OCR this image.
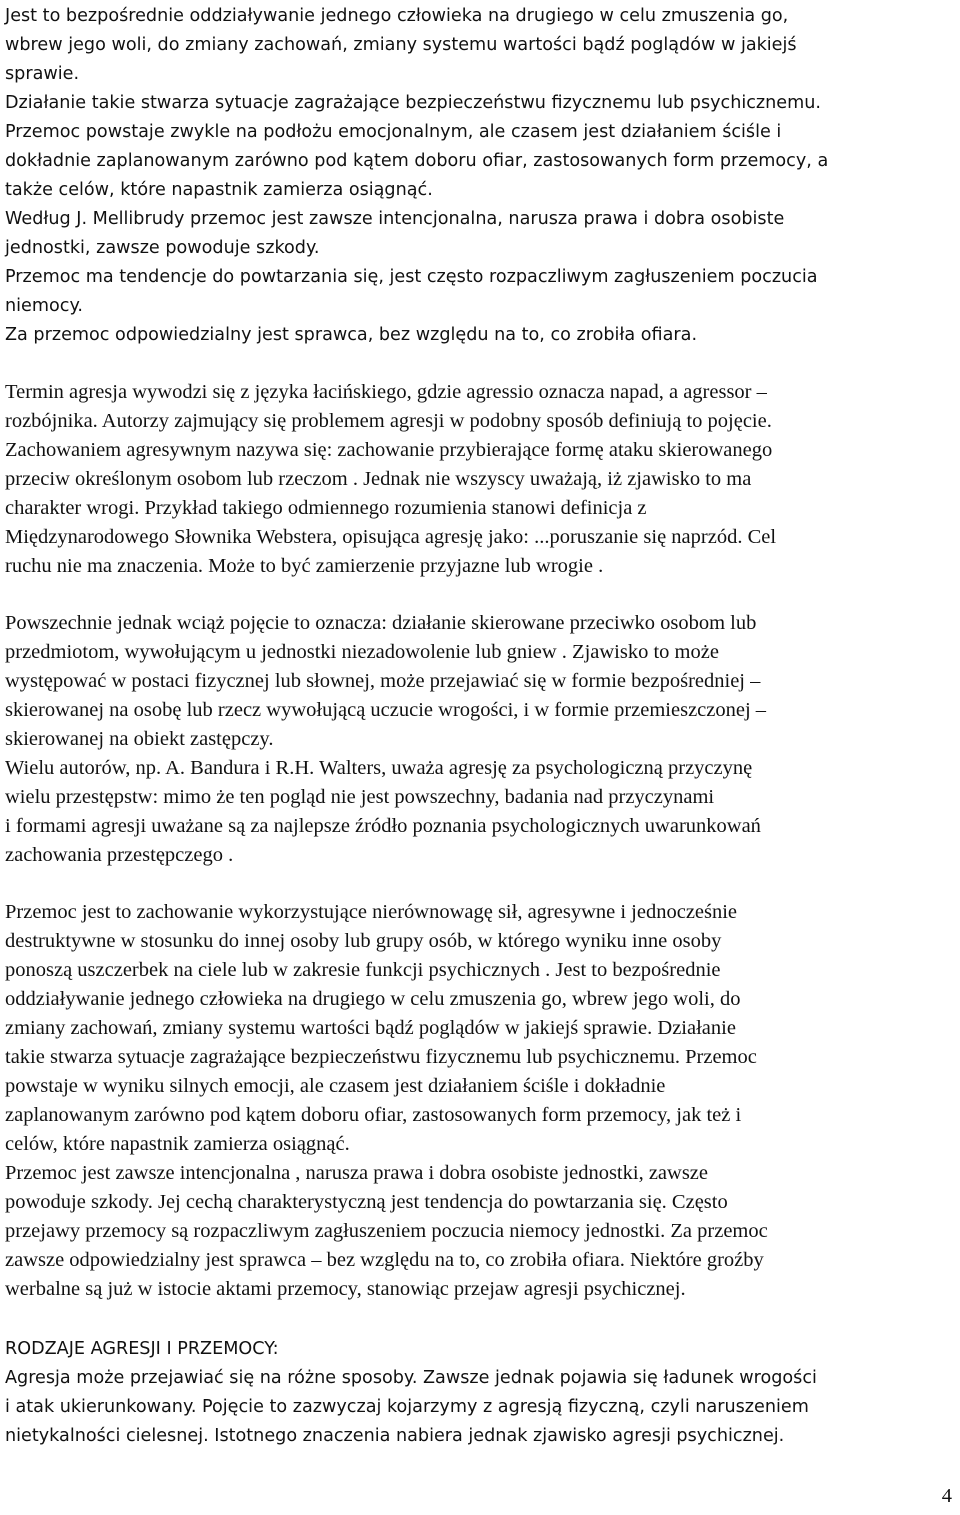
Jest to bezpośrednie oddziaływanie jednego człowieka na drugiego w celu zmuszenia go,
wbrew jego woli, do zmiany zachowań, zmiany systemu wartości bądź poglądów w jakiejś
sprawie.
Działanie takie stwarza sytuacje zagrażające bezpieczeństwu fizycznemu lub psychicznemu.
Przemoc powstaje zwykle na podłożu emocjonalnym, ale czasem jest działaniem ściśle i
dokładnie zaplanowanym zarówno pod kątem doboru ofiar, zastosowanych form przemocy, a
także celów, które napastnik zamierza osiągnąć.
Według J. Mellibrudy przemoc jest zawsze intencjonalna, narusza prawa i dobra osobiste
jednostki, zawsze powoduje szkody.
Przemoc ma tendencje do powtarzania się, jest często rozpaczliwym zagłuszeniem poczucia
niemocy.
Za przemoc odpowiedzialny jest sprawca, bez względu na to, co zrobiła ofiara.
Termin agresja wywodzi się z języka łacińskiego, gdzie agressio oznacza napad, a agressor –
rozbójnika. Autorzy zajmujący się problemem agresji w podobny sposób definiują to pojęcie.
Zachowaniem agresywnym nazywa się: zachowanie przybierające formę ataku skierowanego
przeciw określonym osobom lub rzeczom . Jednak nie wszyscy uważają, iż zjawisko to ma
charakter wrogi. Przykład takiego odmiennego rozumienia stanowi definicja z
Międzynarodowego Słownika Webstera, opisująca agresję jako: ...poruszanie się naprzód. Cel
ruchu nie ma znaczenia. Może to być zamierzenie przyjazne lub wrogie .
Powszechnie jednak wciąż pojęcie to oznacza: działanie skierowane przeciwko osobom lub
przedmiotom, wywołującym u jednostki niezadowolenie lub gniew . Zjawisko to może
występować w postaci fizycznej lub słownej, może przejawiać się w formie bezpośredniej –
skierowanej na osobę lub rzecz wywołującą uczucie wrogości, i w formie przemieszczonej –
skierowanej na obiekt zastępczy.
Wielu autorów, np. A. Bandura i R.H. Walters, uważa agresję za psychologiczną przyczynę
wielu przestępstw: mimo że ten pogląd nie jest powszechny, badania nad przyczynami
i formami agresji uważane są za najlepsze źródło poznania psychologicznych uwarunkowań
zachowania przestępczego .
Przemoc jest to zachowanie wykorzystujące nierównowagę sił, agresywne i jednocześnie
destruktywne w stosunku do innej osoby lub grupy osób, w którego wyniku inne osoby
ponoszą uszczerbek na ciele lub w zakresie funkcji psychicznych . Jest to bezpośrednie
oddziaływanie jednego człowieka na drugiego w celu zmuszenia go, wbrew jego woli, do
zmiany zachowań, zmiany systemu wartości bądź poglądów w jakiejś sprawie. Działanie
takie stwarza sytuacje zagrażające bezpieczeństwu fizycznemu lub psychicznemu. Przemoc
powstaje w wyniku silnych emocji, ale czasem jest działaniem ściśle i dokładnie
zaplanowanym zarówno pod kątem doboru ofiar, zastosowanych form przemocy, jak też i
celów, które napastnik zamierza osiągnąć.
Przemoc jest zawsze intencjonalna , narusza prawa i dobra osobiste jednostki, zawsze
powoduje szkody. Jej cechą charakterystyczną jest tendencja do powtarzania się. Często
przejawy przemocy są rozpaczliwym zagłuszeniem poczucia niemocy jednostki. Za przemoc
zawsze odpowiedzialny jest sprawca – bez względu na to, co zrobiła ofiara. Niektóre groźby
werbalne są już w istocie aktami przemocy, stanowiąc przejaw agresji psychicznej.
RODZAJE AGRESJI I PRZEMOCY:
Agresja może przejawiać się na różne sposoby. Zawsze jednak pojawia się ładunek wrogości
i atak ukierunkowany. Pojęcie to zazwyczaj kojarzymy z agresją fizyczną, czyli naruszeniem
nietykalności cielesnej. Istotnego znaczenia nabiera jednak zjawisko agresji psychicznej.
4
